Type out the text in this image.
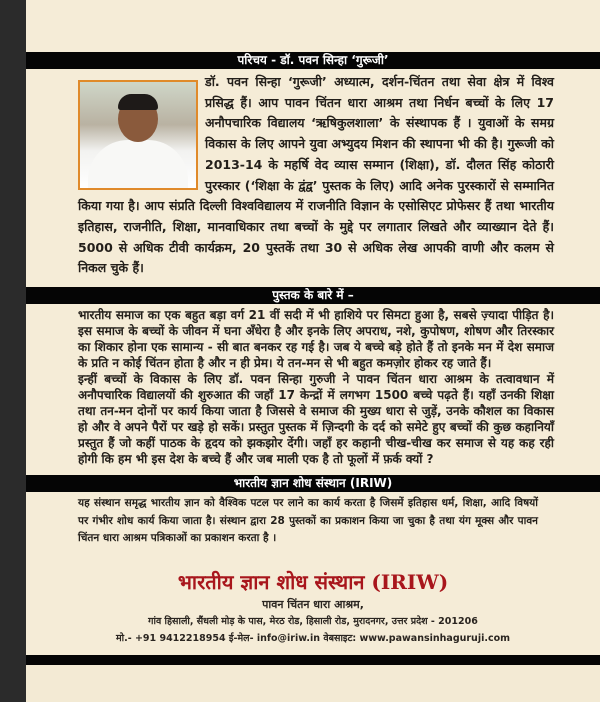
परिचय - डॉ. पवन सिन्हा ‘गुरूजी’
डॉ. पवन सिन्हा ‘गुरूजी’ अध्यात्म, दर्शन-चिंतन तथा सेवा क्षेत्र में विश्व प्रसिद्ध हैं। आप पावन चिंतन धारा आश्रम तथा निर्धन बच्चों के लिए 17 अनौपचारिक विद्यालय ‘ऋषिकुलशाला’ के संस्थापक हैं । युवाओं के समग्र विकास के लिए आपने युवा अभ्युदय मिशन की स्थापना भी की है। गुरूजी को 2013-14 के महर्षि वेद व्यास सम्मान (शिक्षा), डॉ. दौलत सिंह कोठारी पुरस्कार (‘शिक्षा के द्वंद्व’ पुस्तक के लिए) आदि अनेक पुरस्कारों से सम्मानित किया गया है। आप संप्रति दिल्ली विश्वविद्यालय में राजनीति विज्ञान के एसोसिएट प्रोफेसर हैं तथा भारतीय इतिहास, राजनीति, शिक्षा, मानवाधिकार तथा बच्चों के मुद्दे पर लगातार लिखते और व्याख्यान देते हैं। 5000 से अधिक टीवी कार्यक्रम, 20 पुस्तकें तथा 30 से अधिक लेख आपकी वाणी और कलम से निकल चुके हैं।
पुस्तक के बारे में –

भारतीय समाज का एक बहुत बड़ा वर्ग 21 वीं सदी में भी हाशिये पर सिमटा हुआ है, सबसे ज़्यादा पीड़ित है। इस समाज के बच्चों के जीवन में घना अँधेरा है और इनके लिए अपराध, नशे, कुपोषण, शोषण और तिरस्कार का शिकार होना एक सामान्य - सी बात बनकर रह गई है। जब ये बच्चे बड़े होते हैं तो इनके मन में देश समाज के प्रति न कोई चिंतन होता है और न ही प्रेम। ये तन-मन से भी बहुत कमज़ोर होकर रह जाते हैं।

इन्हीं बच्चों के विकास के लिए डॉ. पवन सिन्हा गुरुजी ने पावन चिंतन धारा आश्रम के तत्वावधान में अनौपचारिक विद्यालयों की शुरुआत की जहाँ 17 केन्द्रों में लगभग 1500 बच्चे पढ़ते हैं। यहाँ उनकी शिक्षा तथा तन-मन दोनों पर कार्य किया जाता है जिससे वे समाज की मुख्य धारा से जुड़ें, उनके कौशल का विकास हो और वे अपने पैरों पर खड़े हो सकें। प्रस्तुत पुस्तक में ज़िन्दगी के दर्द को समेटे हुए बच्चों की कुछ कहानियाँ प्रस्तुत हैं जो कहीं पाठक के हृदय को झकझोर देंगी। जहाँ हर कहानी चीख-चीख कर समाज से यह कह रही होगी कि हम भी इस देश के बच्चे हैं और जब माली एक है तो फूलों में फ़र्क क्यों ?

भारतीय ज्ञान शोध संस्थान (IRIW)
यह संस्थान समृद्ध भारतीय ज्ञान को वैश्विक पटल पर लाने का कार्य करता है जिसमें इतिहास धर्म, शिक्षा, आदि विषयों पर गंभीर शोध कार्य किया जाता है। संस्थान द्वारा 28 पुस्तकों का प्रकाशन किया जा चुका है तथा यंग मूक्स और पावन चिंतन धारा आश्रम पत्रिकाओं का प्रकाशन करता है ।
भारतीय ज्ञान शोध संस्थान (IRIW)
पावन चिंतन धारा आश्रम,
गांव हिसाली, सैंधली मोड़ के पास, मेरठ रोड, हिसाली रोड, मुरादनगर, उत्तर प्रदेश - 201206
मो.- +91 9412218954 ई-मेल- info@iriw.in वेबसाइट: www.pawansinhaguruji.com
